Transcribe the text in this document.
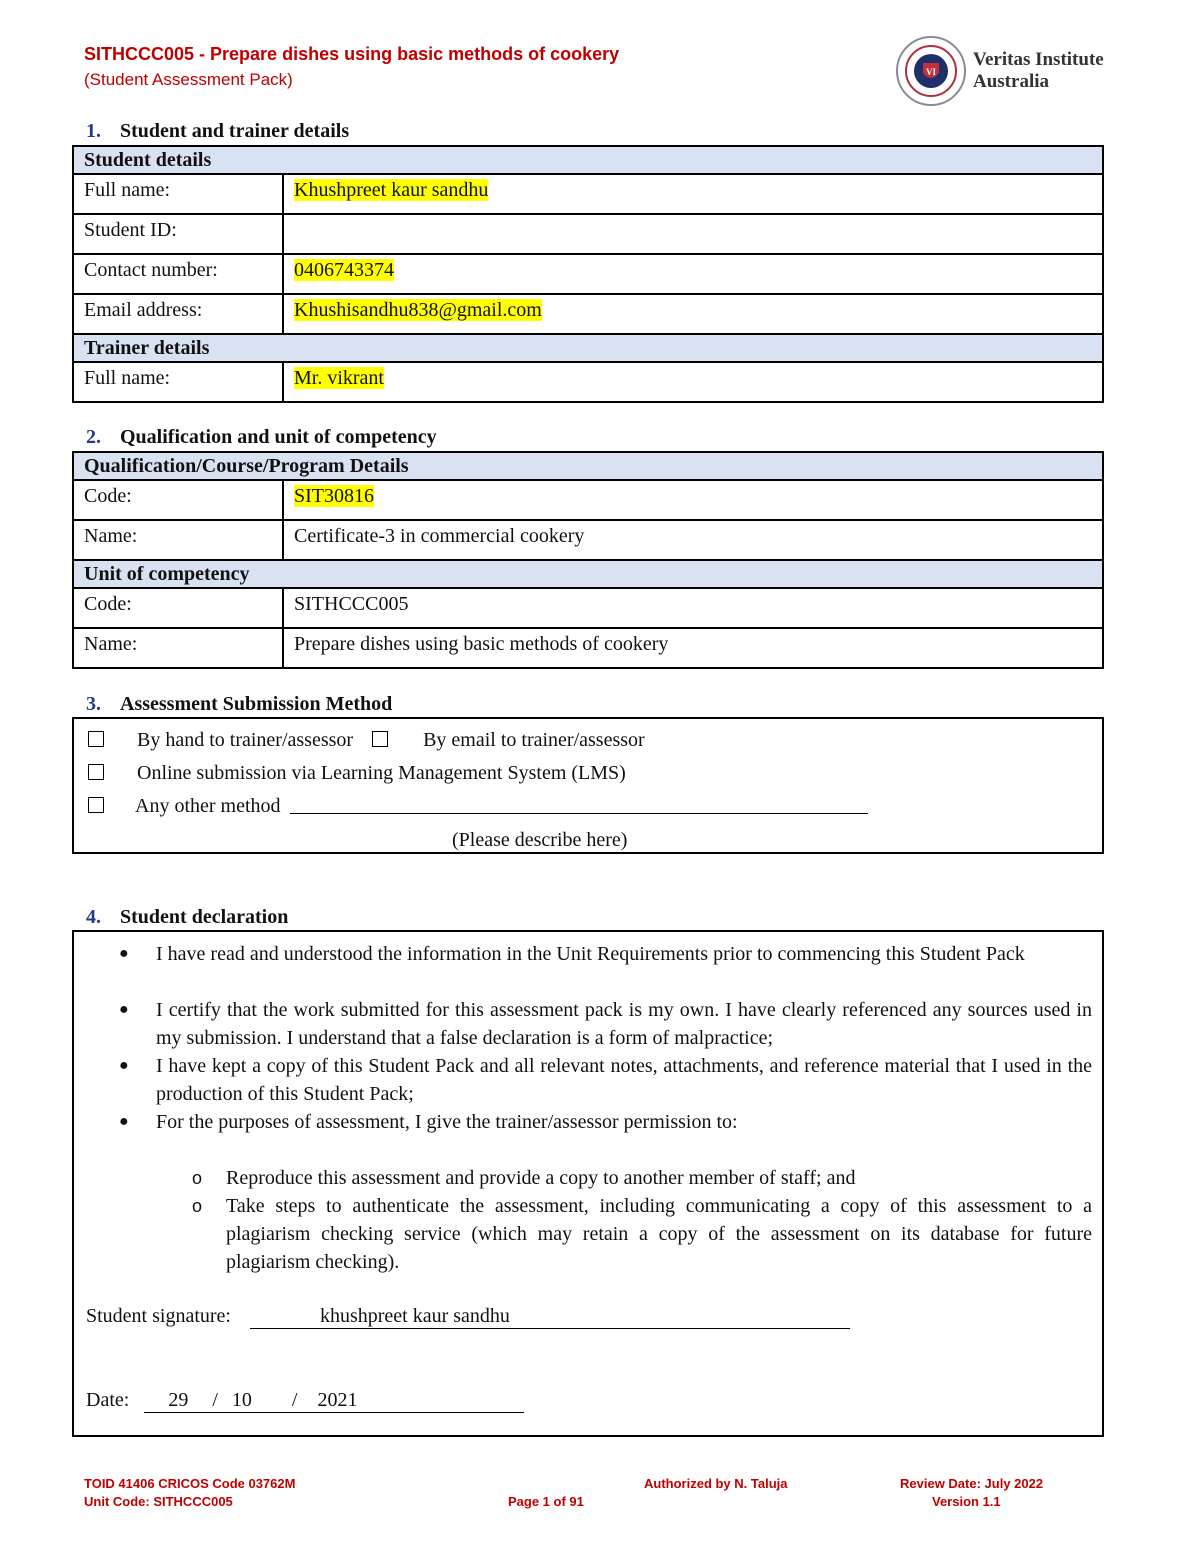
SITHCCC005 - Prepare dishes using basic methods of cookery
(Student Assessment Pack)	VI
Veritas Institute
Australia
1. Student and trainer details
Student details	
Full name:	Khushpreet kaur sandhu
Student ID:	
Contact number:	0406743374
Email address:	Khushisandhu838@gmail.com
Trainer details	
Full name:	Mr. vikrant
2. Qualification and unit of competency
Qualification/Course/Program Details	
Code:	SIT30816
Name:	Certificate-3 in commercial cookery
Unit of competency	
Code:	SITHCCC005
Name:	Prepare dishes using basic methods of cookery
3. Assessment Submission Method
By hand to trainer/assessor	By email to trainer/assessor
Online submission via Learning Management System (LMS)
Any other method
(Please describe here)
4. Student declaration
● I have read and understood the information in the Unit Requirements prior to commencing this Student Pack
● I certify that the work submitted for this assessment pack is my own. I have clearly referenced any sources used in my submission. I understand that a false declaration is a form of malpractice;
● I have kept a copy of this Student Pack and all relevant notes, attachments, and reference material that I used in the production of this Student Pack;
● For the purposes of assessment, I give the trainer/assessor permission to:
o Reproduce this assessment and provide a copy to another member of staff; and
o Take steps to authenticate the assessment, including communicating a copy of this assessment to a plagiarism checking service (which may retain a copy of the assessment on its database for future plagiarism checking).
Student signature:	khushpreet kaur sandhu
Date: 29 / 10 / 2021
TOID 41406 CRICOS Code 03762M
Unit Code: SITHCCC005
Authorized by N. Taluja
Page 1 of 91
Review Date: July 2022
Version 1.1
